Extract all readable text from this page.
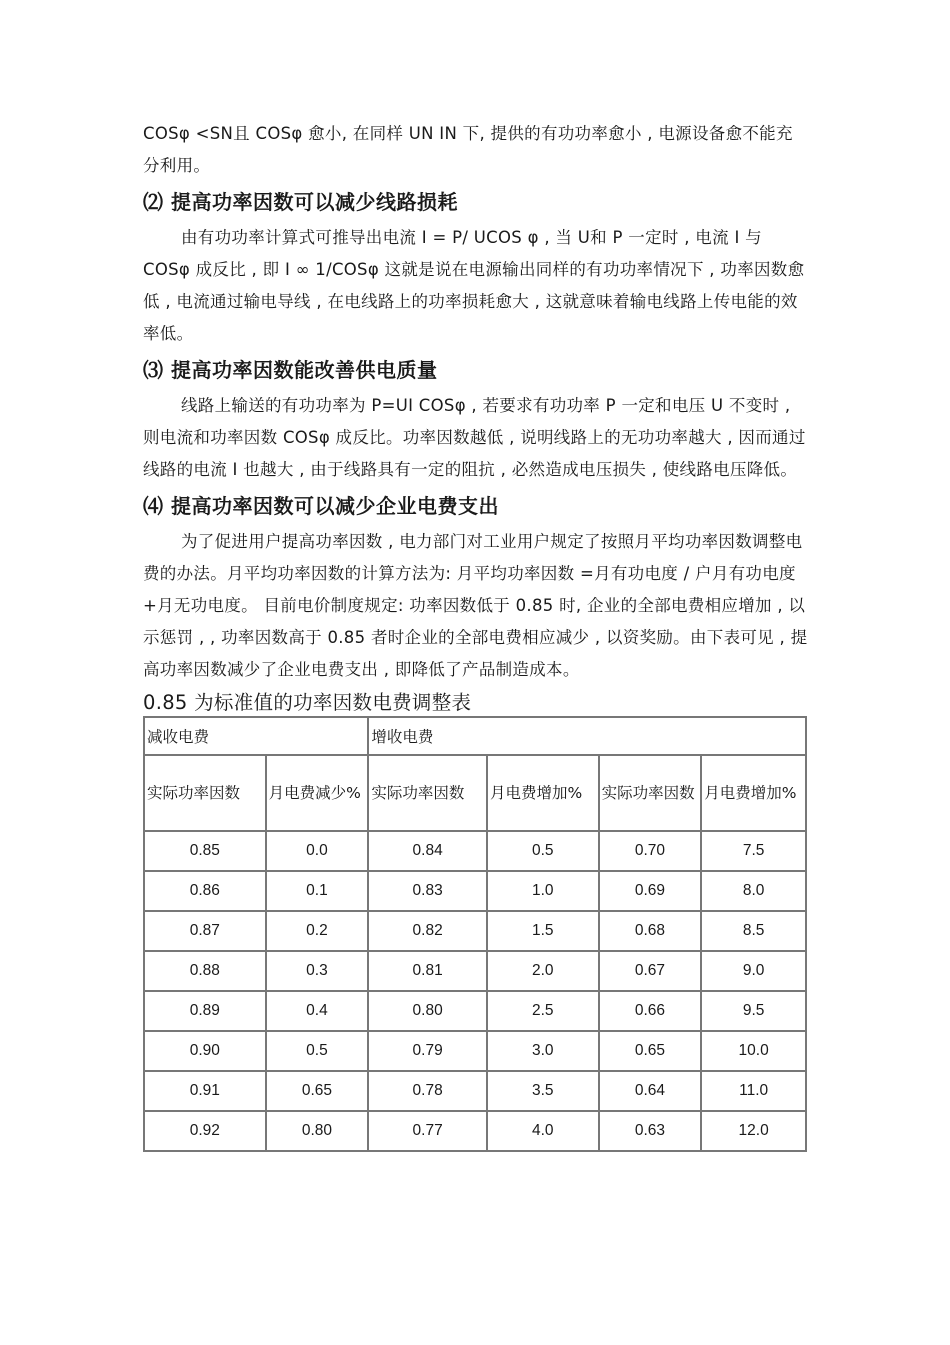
COSφ <SN且 COSφ 愈小, 在同样 UN IN 下, 提供的有功功率愈小 , 电源设备愈不能充分利用。

⑵ 提高功率因数可以减少线路损耗

由有功功率计算式可推导出电流 I = P/ UCOS φ , 当 U和 P 一定时 , 电流 I 与 COSφ 成反比 , 即 I ∞ 1/COSφ 这就是说在电源输出同样的有功功率情况下 , 功率因数愈低 , 电流通过输电导线 , 在电线路上的功率损耗愈大 , 这就意味着输电线路上传电能的效率低。

⑶ 提高功率因数能改善供电质量

线路上输送的有功功率为 P=UI COSφ , 若要求有功功率 P 一定和电压 U 不变时 , 则电流和功率因数 COSφ 成反比。功率因数越低 , 说明线路上的无功功率越大 , 因而通过线路的电流 I 也越大 , 由于线路具有一定的阻抗 , 必然造成电压损失 , 使线路电压降低。

⑷ 提高功率因数可以减少企业电费支出

为了促进用户提高功率因数 , 电力部门对工业用户规定了按照月平均功率因数调整电费的办法。月平均功率因数的计算方法为: 月平均功率因数 =月有功电度 / 户月有功电度 +月无功电度。 目前电价制度规定: 功率因数低于 0.85 时, 企业的全部电费相应增加 , 以示惩罚 , , 功率因数高于 0.85 者时企业的全部电费相应减少 , 以资奖励。由下表可见 , 提高功率因数减少了企业电费支出 , 即降低了产品制造成本。

0.85 为标准值的功率因数电费调整表
减收电费		增收电费			
实际功率因数	月电费减少%	实际功率因数	月电费增加%	实际功率因数	月电费增加%
0.85	0.0	0.84	0.5	0.70	7.5
0.86	0.1	0.83	1.0	0.69	8.0
0.87	0.2	0.82	1.5	0.68	8.5
0.88	0.3	0.81	2.0	0.67	9.0
0.89	0.4	0.80	2.5	0.66	9.5
0.90	0.5	0.79	3.0	0.65	10.0
0.91	0.65	0.78	3.5	0.64	11.0
0.92	0.80	0.77	4.0	0.63	12.0
